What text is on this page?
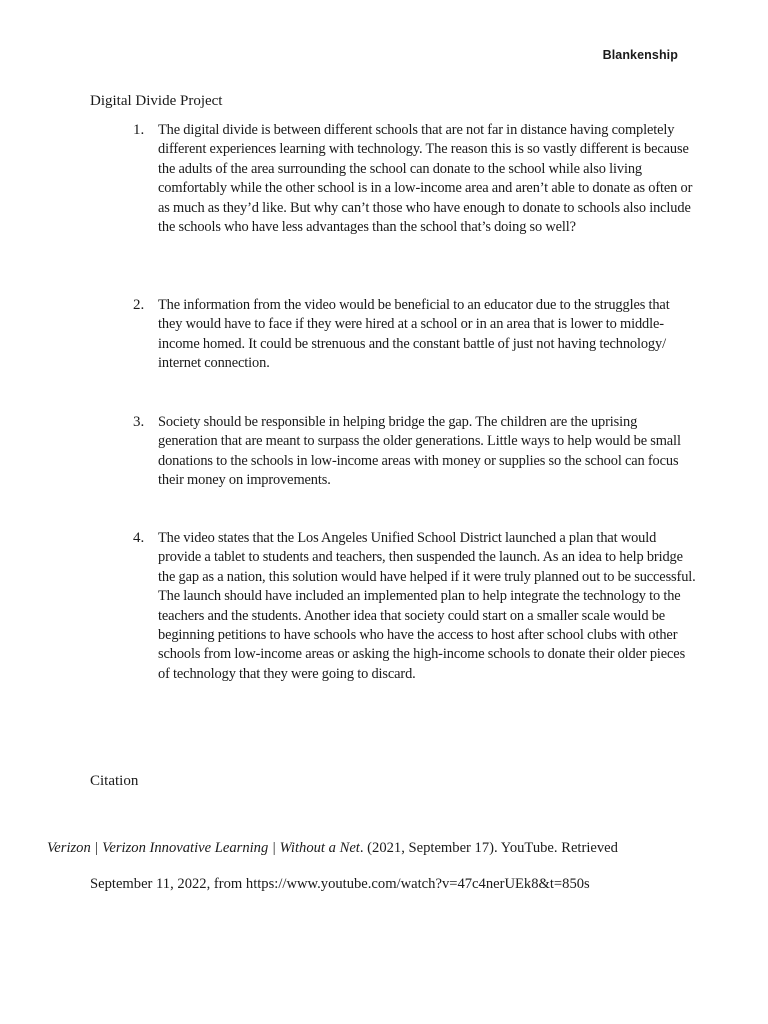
Blankenship
Digital Divide Project
1. The digital divide is between different schools that are not far in distance having completely different experiences learning with technology. The reason this is so vastly different is because the adults of the area surrounding the school can donate to the school while also living comfortably while the other school is in a low-income area and aren’t able to donate as often or as much as they’d like. But why can’t those who have enough to donate to schools also include the schools who have less advantages than the school that’s doing so well?
2. The information from the video would be beneficial to an educator due to the struggles that they would have to face if they were hired at a school or in an area that is lower to middle-income homed. It could be strenuous and the constant battle of just not having technology/ internet connection.
3. Society should be responsible in helping bridge the gap. The children are the uprising generation that are meant to surpass the older generations. Little ways to help would be small donations to the schools in low-income areas with money or supplies so the school can focus their money on improvements.
4. The video states that the Los Angeles Unified School District launched a plan that would provide a tablet to students and teachers, then suspended the launch. As an idea to help bridge the gap as a nation, this solution would have helped if it were truly planned out to be successful. The launch should have included an implemented plan to help integrate the technology to the teachers and the students. Another idea that society could start on a smaller scale would be beginning petitions to have schools who have the access to host after school clubs with other schools from low-income areas or asking the high-income schools to donate their older pieces of technology that they were going to discard.
Citation
Verizon | Verizon Innovative Learning | Without a Net. (2021, September 17). YouTube. Retrieved
September 11, 2022, from https://www.youtube.com/watch?v=47c4nerUEk8&t=850s
